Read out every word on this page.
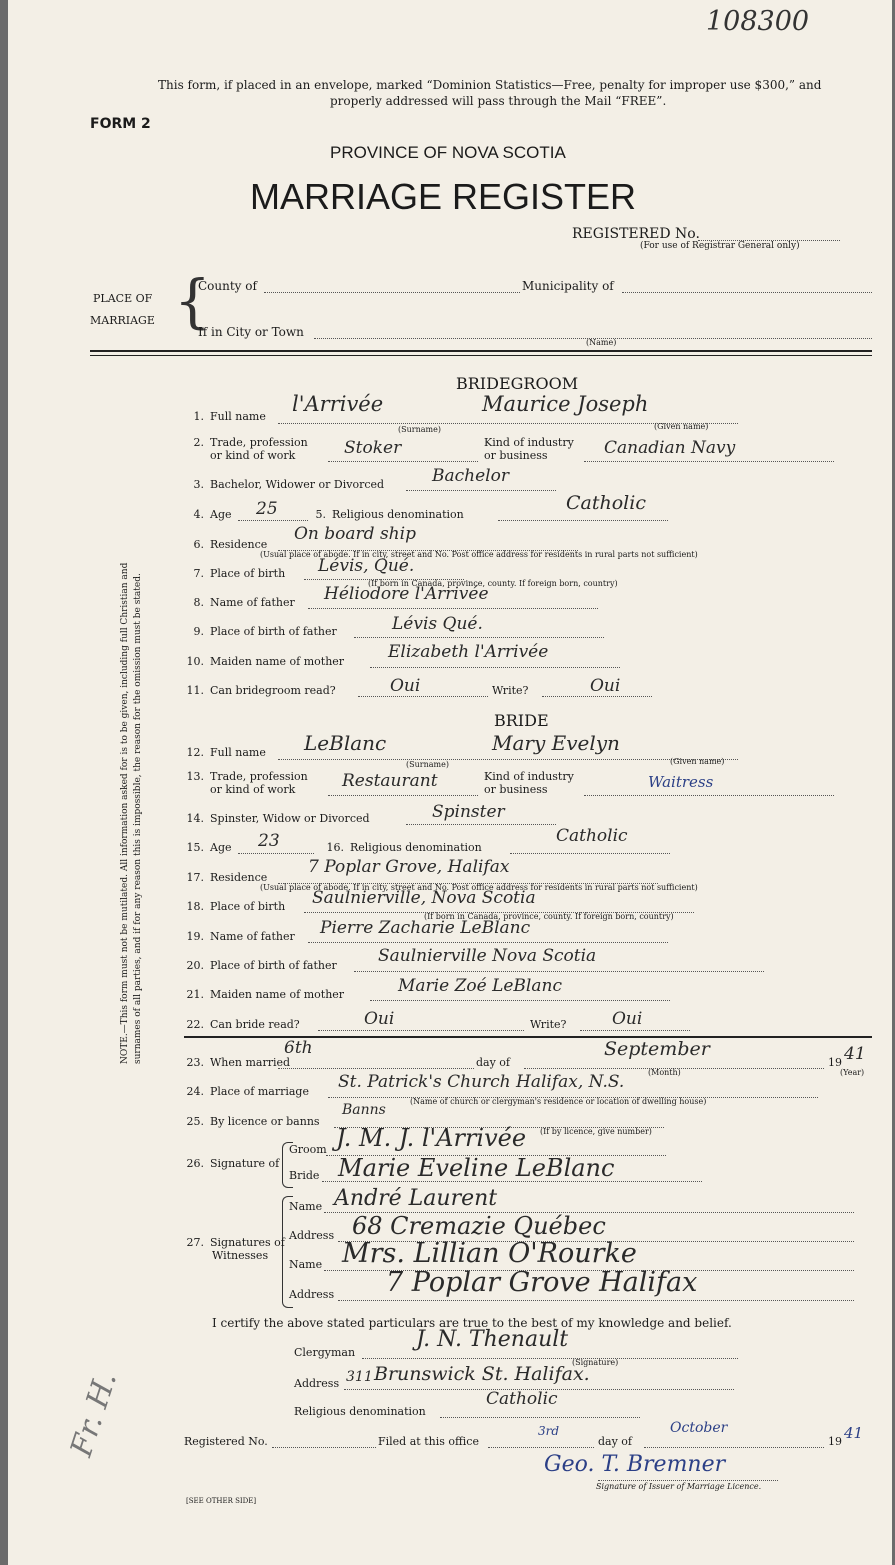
108300
This form, if placed in an envelope, marked “Dominion Statistics—Free, penalty for improper use $300,” and
properly addressed will pass through the Mail “FREE”.
FORM 2
PROVINCE OF NOVA SCOTIA
MARRIAGE REGISTER
REGISTERED No.
(For use of Registrar General only)
PLACE OF
MARRIAGE {
County of	Municipality of
If in City or Town
(Name)
NOTE.—This form must not be mutilated. All information asked for is to be given, including full Christian and surnames of all parties, and if for any reason this is impossible, the reason for the omission must be stated.
BRIDEGROOM
1. Full name
l'Arrivée	Maurice Joseph
(Surname)	(Given name)
2. Trade, profession
or kind of work	Stoker	Kind of industry
or business	Canadian Navy
3. Bachelor, Widower or Divorced	Bachelor
4. Age 25	5. Religious denomination
Catholic
6. Residence
On board ship
(Usual place of abode. If in city, street and No. Post office address for residents in rural parts not sufficient)
7. Place of birth Lévis, Qué.
(If born in Canada, province, county. If foreign born, country)
8. Name of father Héliodore l'Arrivée
9. Place of birth of father	Lévis Qué.
10. Maiden name of mother	Elizabeth l'Arrivée
11. Can bridegroom read?	Oui	Write?	Oui
BRIDE
12. Full name LeBlanc	Mary Evelyn
(Surname)	(Given name)
13. Trade, profession
or kind of work	Restaurant	Kind of industry
or business	Waitress
14. Spinster, Widow or Divorced	Spinster
15. Age 23	16. Religious denomination
Catholic
17. Residence
7 Poplar Grove, Halifax
(Usual place of abode. If in city, street and No. Post office address for residents in rural parts not sufficient)
18. Place of birth Saulnierville, Nova Scotia
(If born in Canada, province, county. If foreign born, country)
19. Name of father Pierre Zacharie LeBlanc
20. Place of birth of father Saulnierville Nova Scotia
21. Maiden name of mother	Marie Zoé LeBlanc
22. Can bride read?	Oui	Write?	Oui
23. When married
6th
day of
September
19 41
(Month)	(Year)
24. Place of marriage St. Patrick's Church Halifax, N.S.
(Name of church or clergyman's residence or location of dwelling house)
25. By licence or banns
Banns
(If by licence, give number)
26. Signature of
Groom J. M. J. l'Arrivée
Bride Marie Eveline LeBlanc
27. Signatures of
Witnesses
Name André Laurent
Address 68 Cremazie Québec
Name Mrs. Lillian O'Rourke
Address 7 Poplar Grove Halifax
I certify the above stated particulars are true to the best of my knowledge and belief.
Clergyman
J. N. Thenault
(Signature)
Address 311 Brunswick St. Halifax.
Religious denomination
Catholic
Registered No.	Filed at this office
3rd
day of
October
19 41
Geo. T. Bremner
Signature of Issuer of Marriage Licence.
Fr. H.
[SEE OTHER SIDE]
